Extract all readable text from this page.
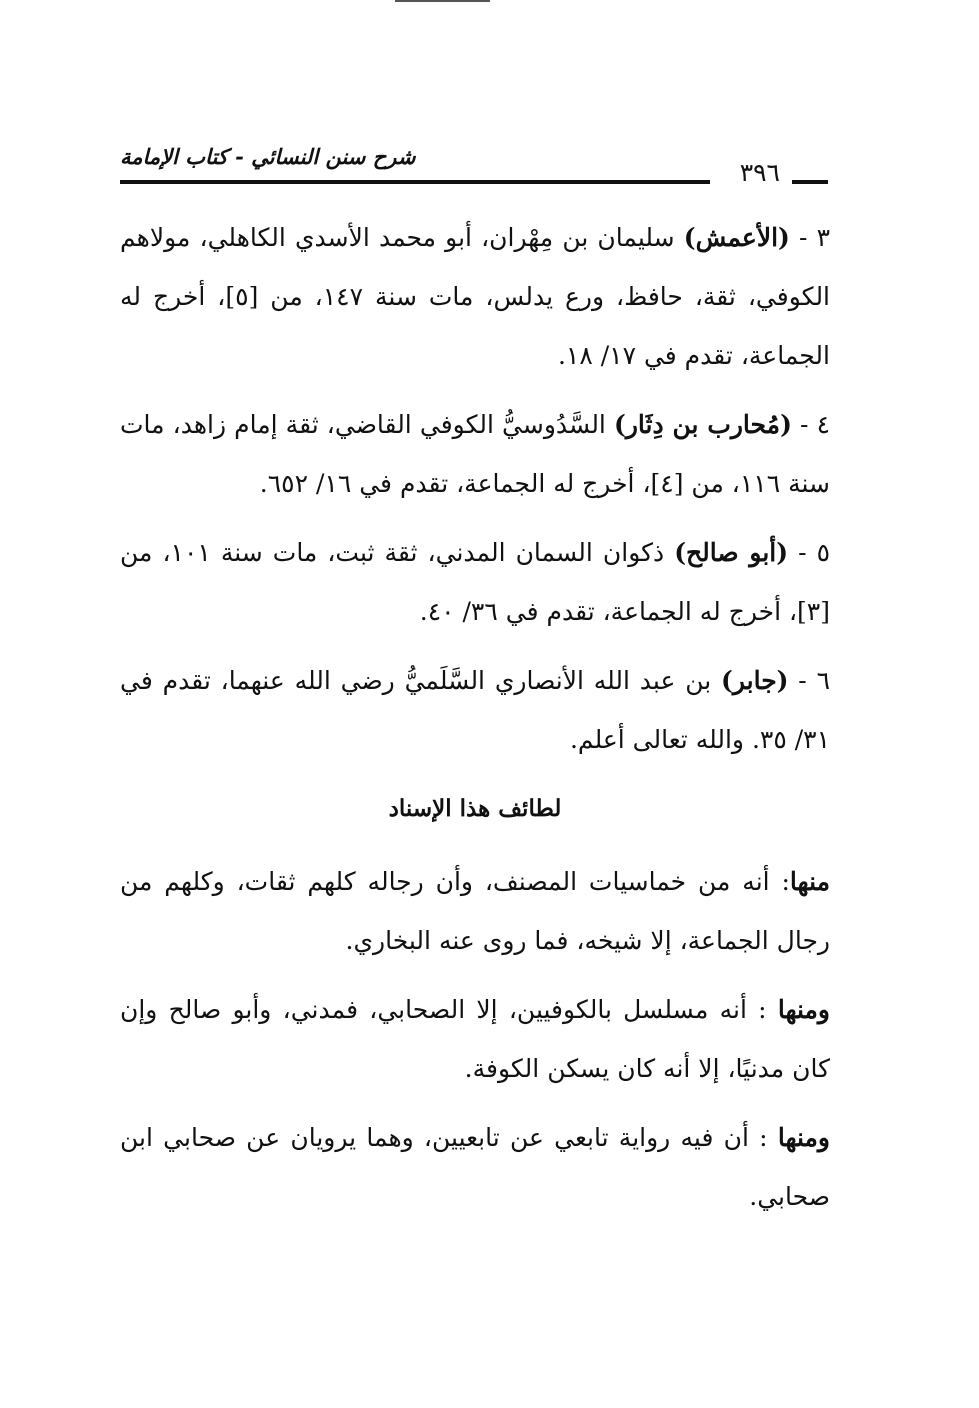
شرح سنن النسائي - كتاب الإمامة
٣٩٦

٣ - (الأعمش) سليمان بن مِهْران، أبو محمد الأسدي الكاهلي، مولاهم الكوفي، ثقة، حافظ، ورع يدلس، مات سنة ١٤٧، من [٥]، أخرج له الجماعة، تقدم في ١٧/ ١٨.

٤ - (مُحارب بن دِثَار) السَّدُوسيُّ الكوفي القاضي، ثقة إمام زاهد، مات سنة ١١٦، من [٤]، أخرج له الجماعة، تقدم في ١٦/ ٦٥٢.

٥ - (أبو صالح) ذكوان السمان المدني، ثقة ثبت، مات سنة ١٠١، من [٣]، أخرج له الجماعة، تقدم في ٣٦/ ٤٠.

٦ - (جابر) بن عبد الله الأنصاري السَّلَميُّ رضي الله عنهما، تقدم في ٣١/ ٣٥. والله تعالى أعلم.

لطائف هذا الإسناد

منها: أنه من خماسيات المصنف، وأن رجاله كلهم ثقات، وكلهم من رجال الجماعة، إلا شيخه، فما روى عنه البخاري.

ومنها : أنه مسلسل بالكوفيين، إلا الصحابي، فمدني، وأبو صالح وإن كان مدنيًا، إلا أنه كان يسكن الكوفة.

ومنها : أن فيه رواية تابعي عن تابعيين، وهما يرويان عن صحابي ابن صحابي.
